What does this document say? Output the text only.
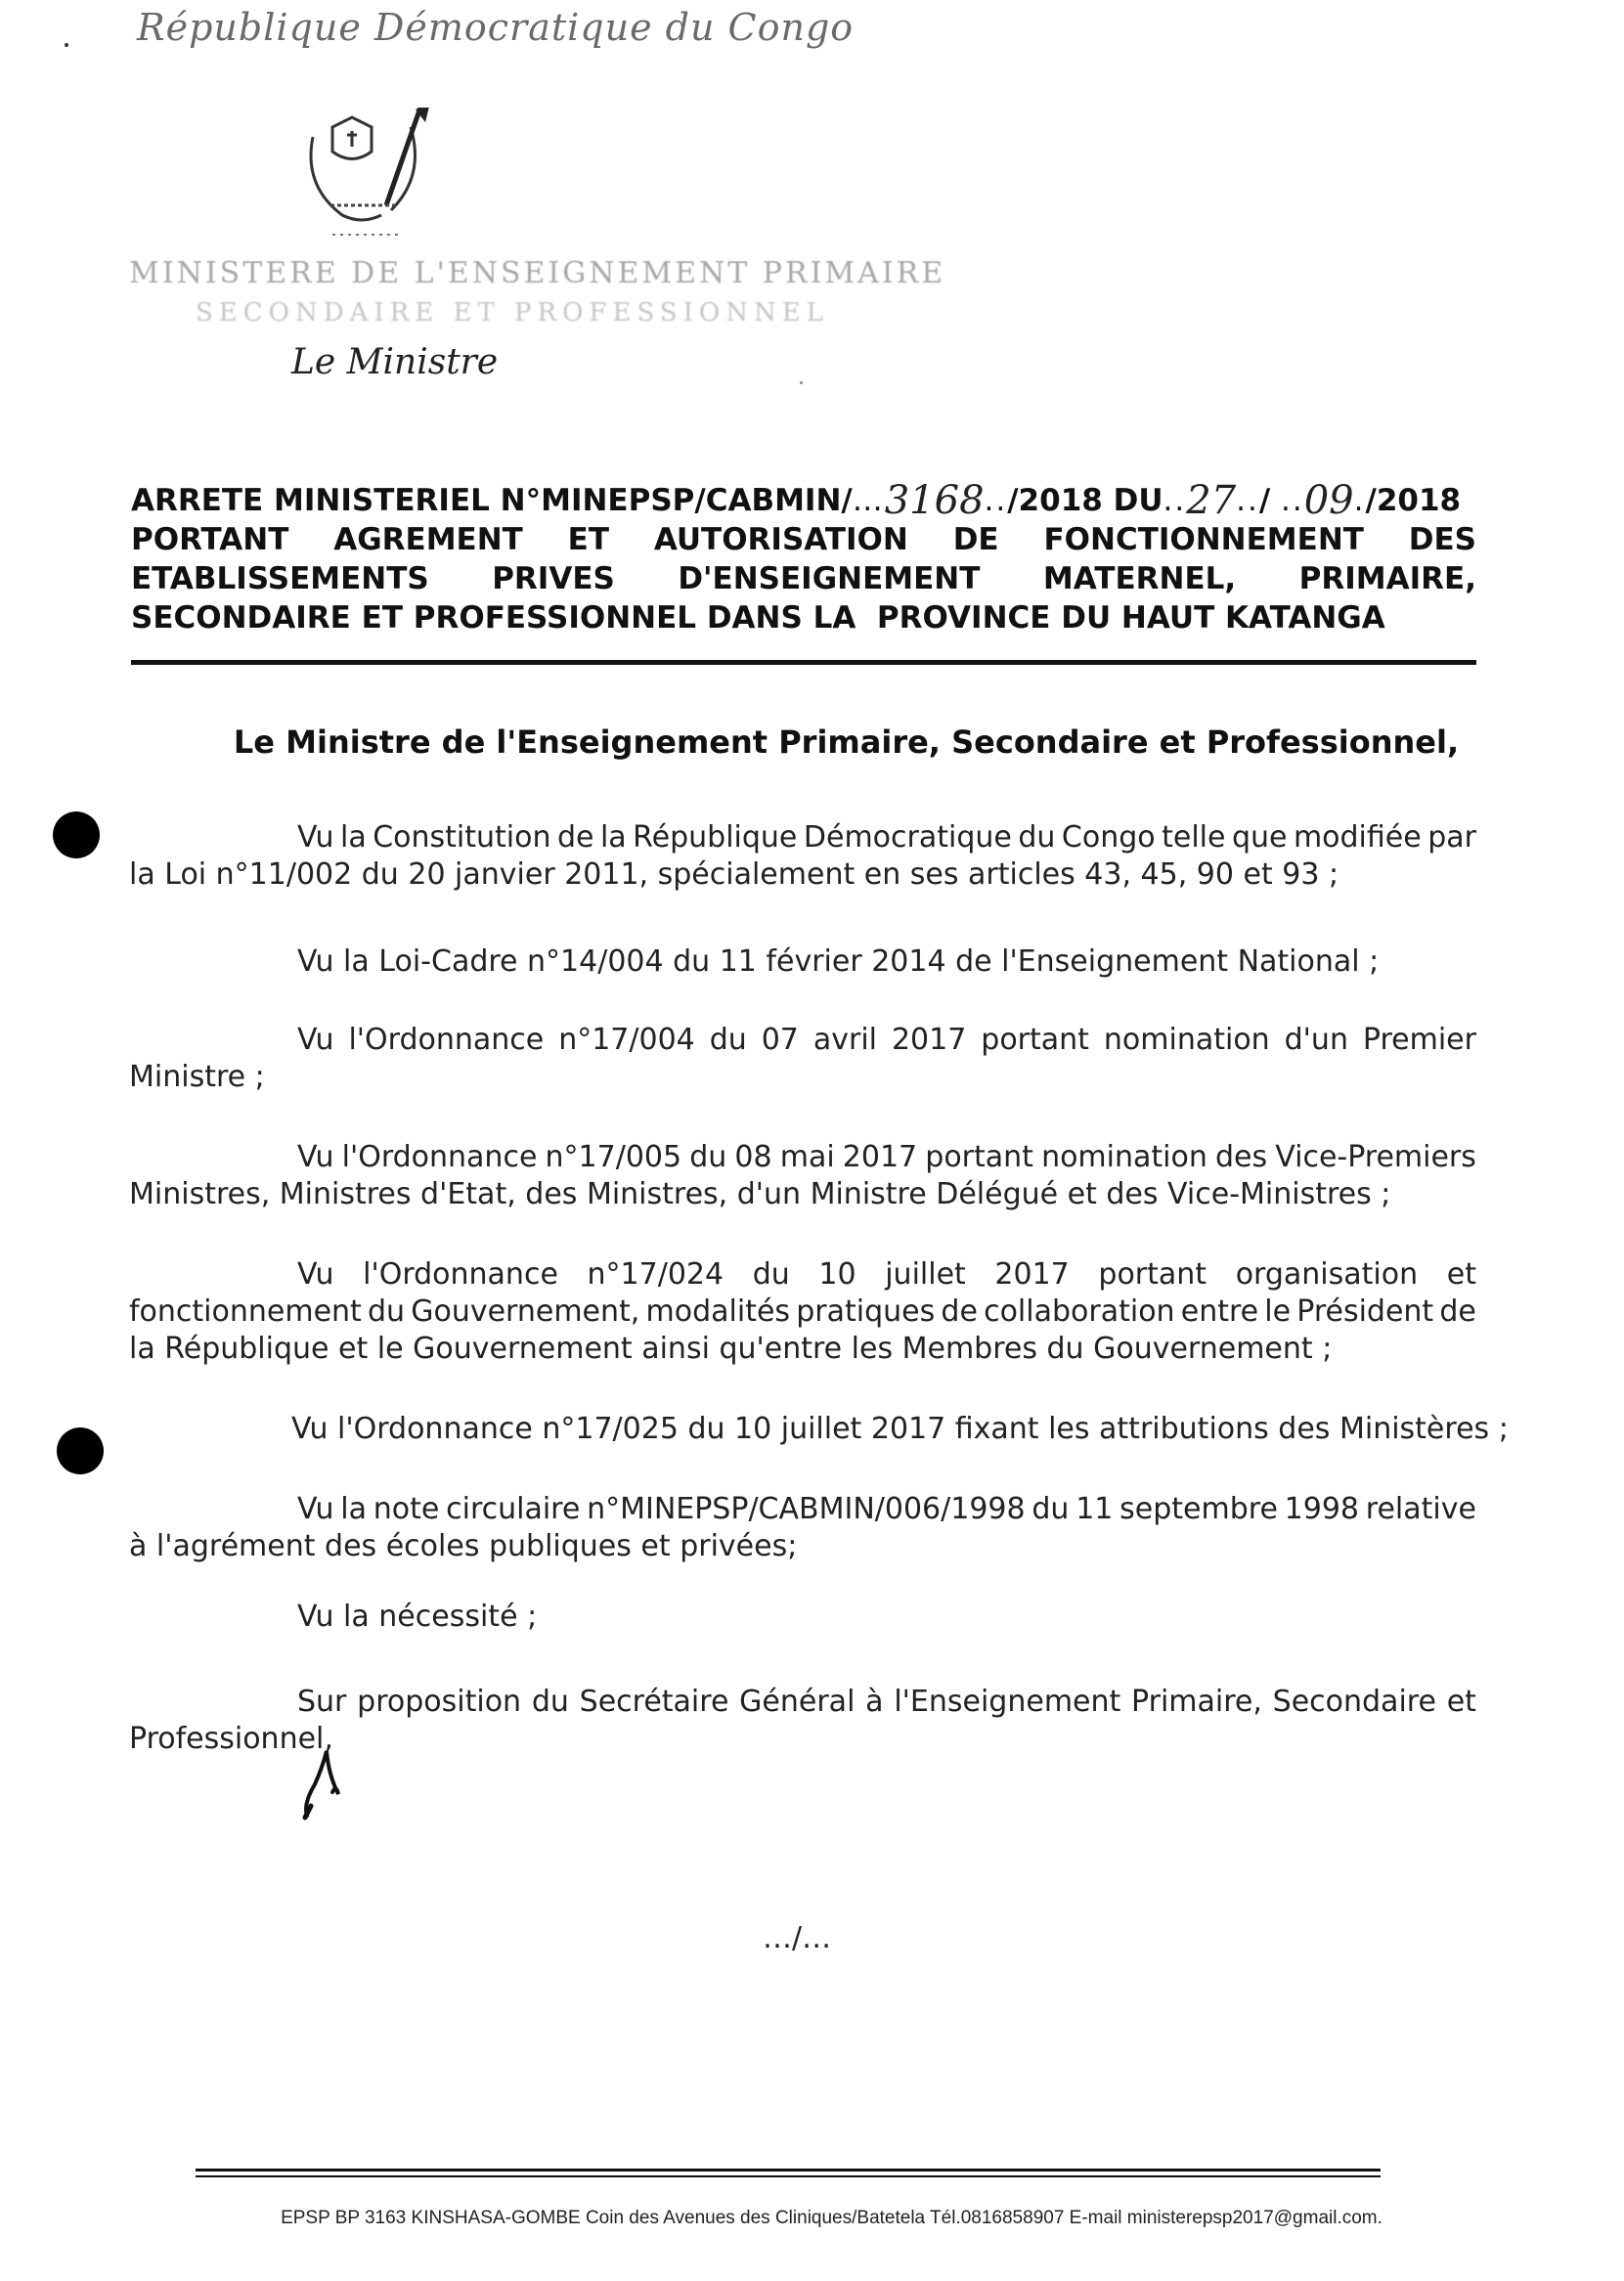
République Démocratique du Congo
MINISTERE DE L'ENSEIGNEMENT PRIMAIRE
SECONDAIRE ET PROFESSIONNEL
Le Ministre
ARRETE MINISTERIEL N°MINEPSP/CABMIN/ … 3168 .. /2018 DU .. 27 .. / .. 09 . /2018
PORTANT AGREMENT ET AUTORISATION DE FONCTIONNEMENT DES
ETABLISSEMENTS PRIVES D'ENSEIGNEMENT MATERNEL, PRIMAIRE,
SECONDAIRE ET PROFESSIONNEL DANS LA  PROVINCE DU HAUT KATANGA
Le Ministre de l'Enseignement Primaire, Secondaire et Professionnel,
Vu la Constitution de la République Démocratique du Congo telle que modifiée par
la Loi n°11/002 du 20 janvier 2011, spécialement en ses articles 43, 45, 90 et 93 ;
Vu la Loi-Cadre n°14/004 du 11 février 2014 de l'Enseignement National ;
Vu l'Ordonnance n°17/004 du 07 avril 2017 portant nomination d'un Premier
Ministre ;
Vu l'Ordonnance n°17/005 du 08 mai 2017 portant nomination des Vice-Premiers
Ministres, Ministres d'Etat, des Ministres, d'un Ministre Délégué et des Vice-Ministres ;
Vu l'Ordonnance n°17/024 du 10 juillet 2017 portant organisation et
fonctionnement du Gouvernement, modalités pratiques de collaboration entre le Président de
la République et le Gouvernement ainsi qu'entre les Membres du Gouvernement ;
Vu l'Ordonnance n°17/025 du 10 juillet 2017 fixant les attributions des Ministères ;
Vu la note circulaire n°MINEPSP/CABMIN/006/1998 du 11 septembre 1998 relative
à l'agrément des écoles publiques et privées;
Vu la nécessité ;
Sur proposition du Secrétaire Général à l'Enseignement Primaire, Secondaire et
Professionnel,
…/…
EPSP BP 3163 KINSHASA-GOMBE Coin des Avenues des Cliniques/Batetela Tél.0816858907 E-mail ministerepsp2017@gmail.com.
